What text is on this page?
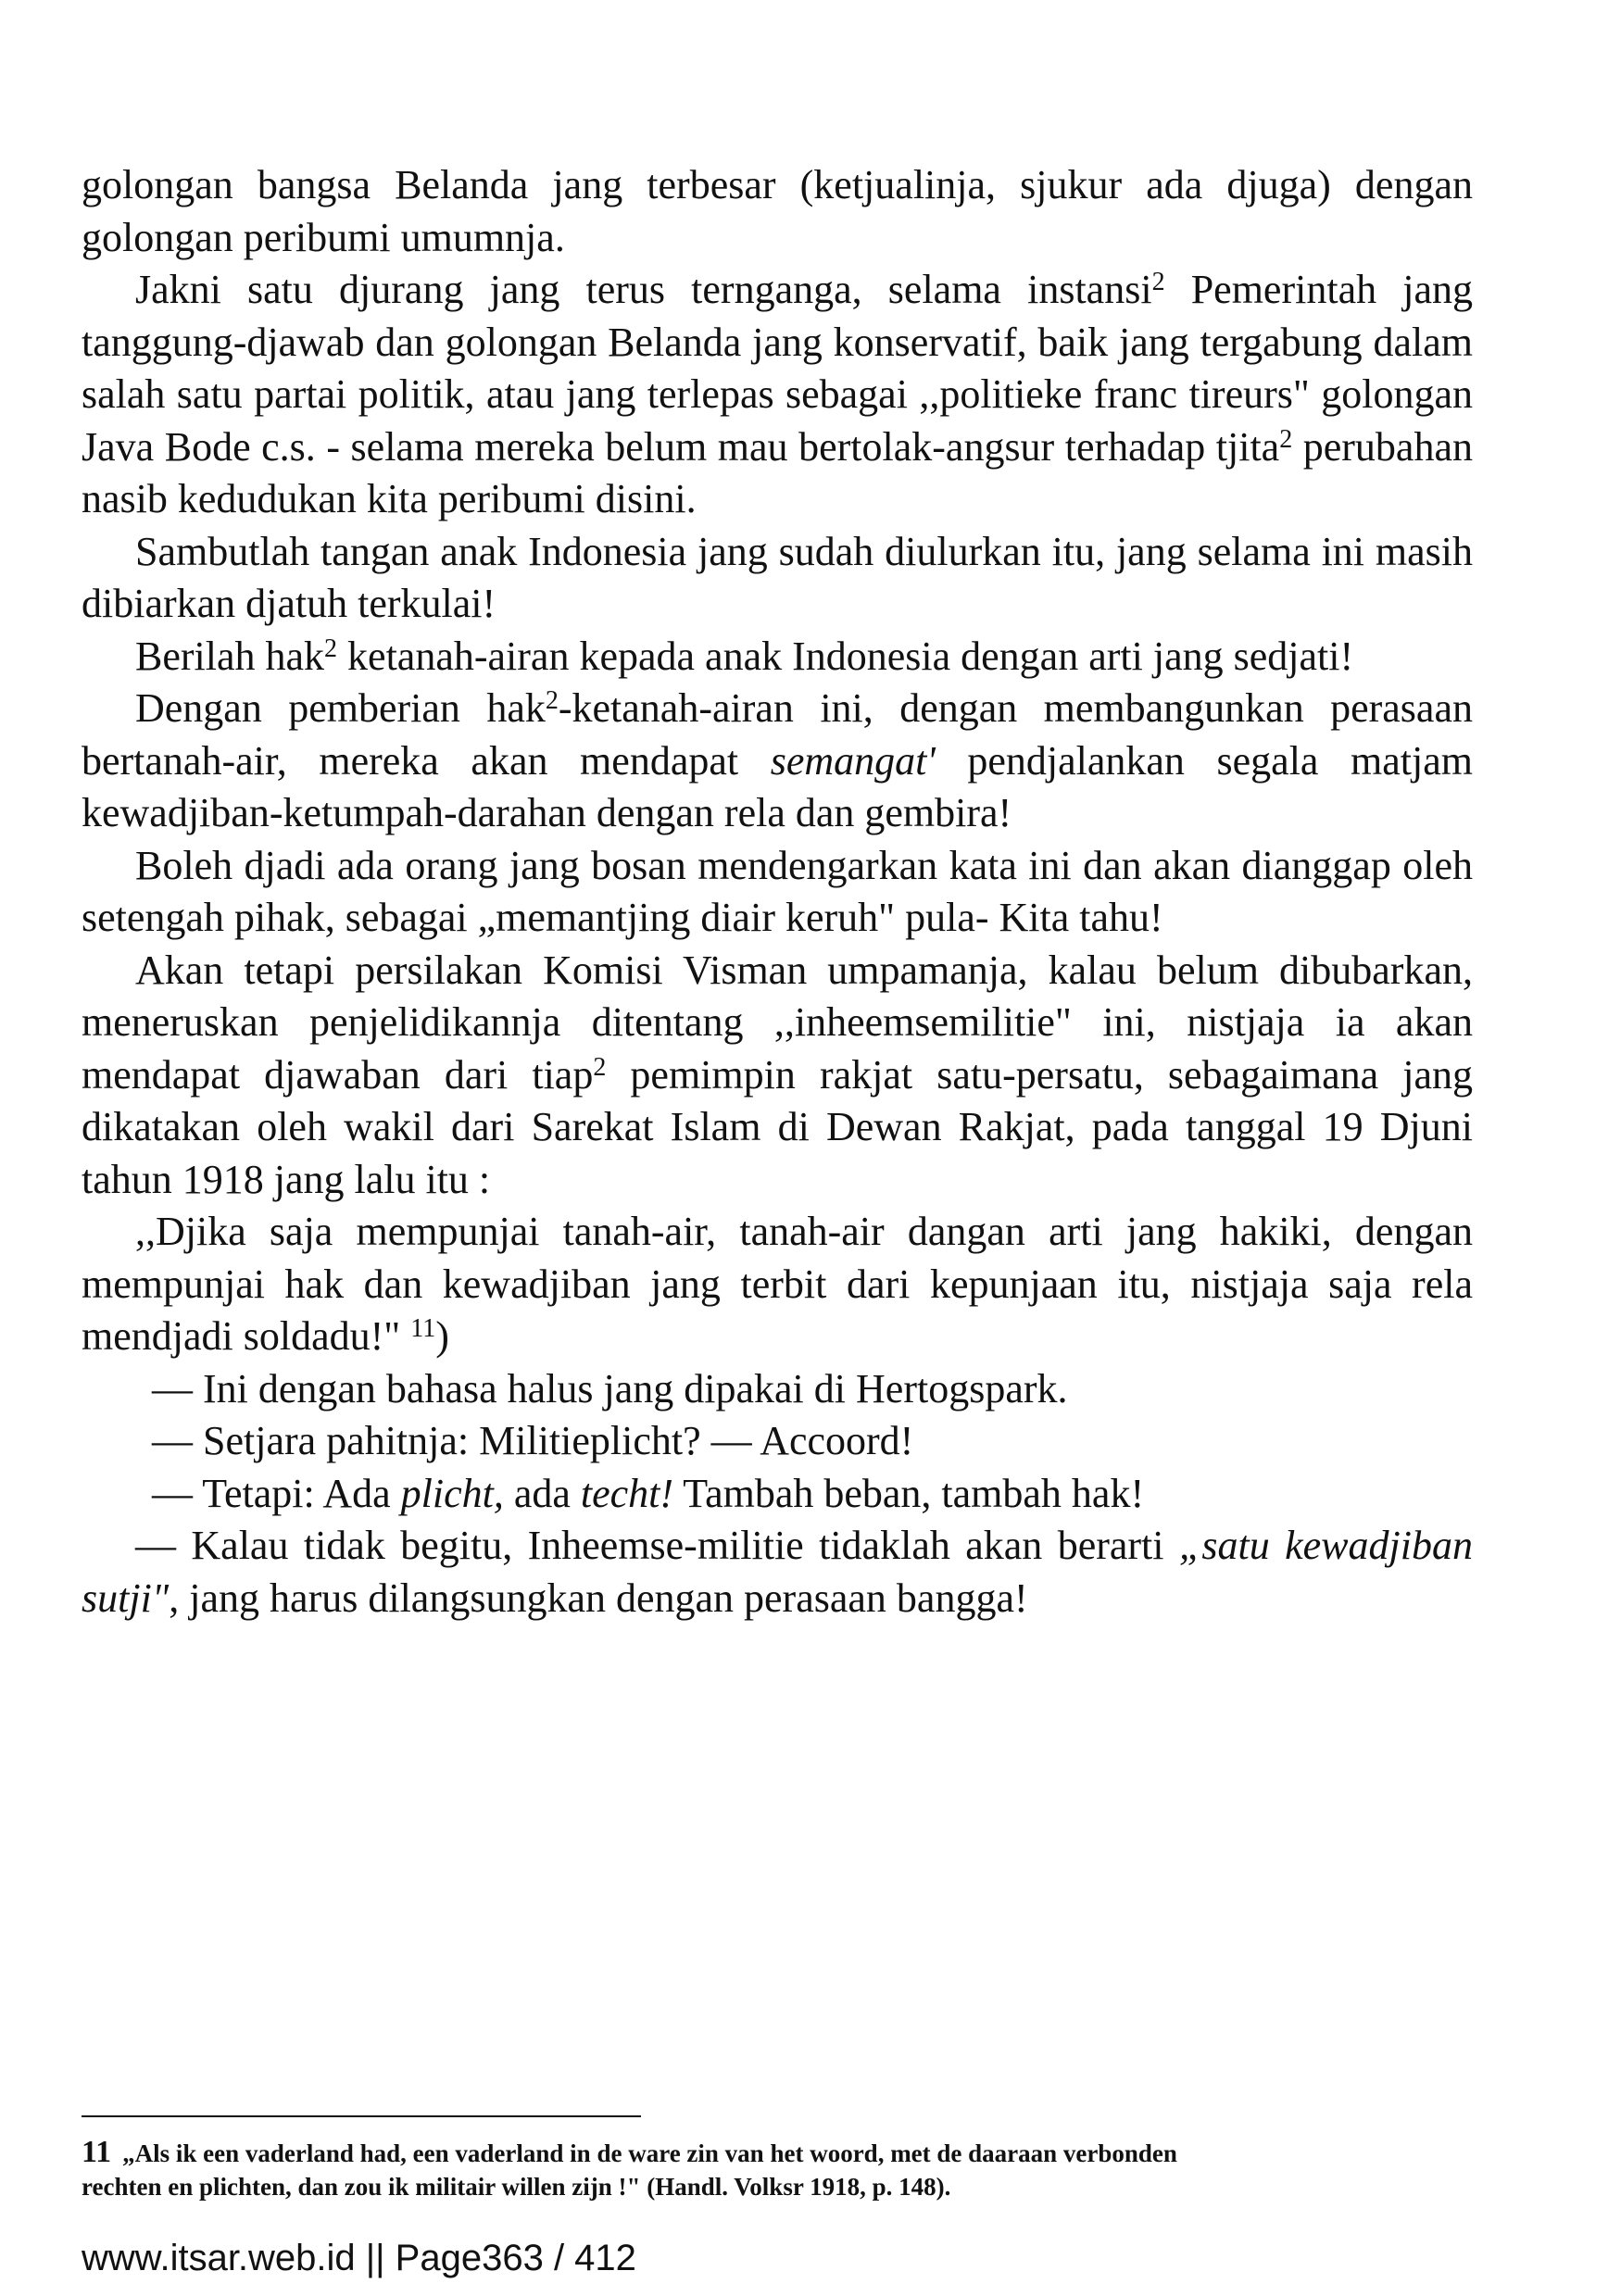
golongan bangsa Belanda jang terbesar (ketjualinja, sjukur ada djuga) dengan golongan peribumi umumnja.

Jakni satu djurang jang terus ternganga, selama instansi$^2$ Pemerintah jang tanggung-djawab dan golongan Belanda jang konservatif, baik jang tergabung dalam salah satu partai politik, atau jang terlepas sebagai ,,politieke franc tireurs" golongan Java Bode c.s. - selama mereka belum mau bertolak-angsur terhadap tjita$^2$ perubahan nasib kedudukan kita peribumi disini.

Sambutlah tangan anak Indonesia jang sudah diulurkan itu, jang selama ini masih dibiarkan djatuh terkulai!

Berilah hak$^2$ ketanah-airan kepada anak Indonesia dengan arti jang sedjati!

Dengan pemberian hak$^2$-ketanah-airan ini, dengan membangunkan perasaan bertanah-air, mereka akan mendapat semangat' pendjalankan segala matjam kewadjiban-ketumpah-darahan dengan rela dan gembira!

Boleh djadi ada orang jang bosan mendengarkan kata ini dan akan dianggap oleh setengah pihak, sebagai „memantjing diair keruh" pula- Kita tahu!

Akan tetapi persilakan Komisi Visman umpamanja, kalau belum dibubarkan, meneruskan penjelidikannja ditentang ,,inheemsemilitie" ini, nistjaja ia akan mendapat djawaban dari tiap$^2$ pemimpin rakjat satu-persatu, sebagaimana jang dikatakan oleh wakil dari Sarekat Islam di Dewan Rakjat, pada tanggal 19 Djuni tahun 1918 jang lalu itu :

,,Djika saja mempunjai tanah-air, tanah-air dangan arti jang hakiki, dengan mempunjai hak dan kewadjiban jang terbit dari kepunjaan itu, nistjaja saja rela mendjadi soldadu!" $^{11}$)

— Ini dengan bahasa halus jang dipakai di Hertogspark.

— Setjara pahitnja: Militieplicht? — Accoord!

— Tetapi: Ada plicht, ada techt! Tambah beban, tambah hak!

— Kalau tidak begitu, Inheemse-militie tidaklah akan berarti „satu kewadjiban sutji", jang harus dilangsungkan dengan perasaan bangga!

11 „Als ik een vaderland had, een vaderland in de ware zin van het woord, met de daaraan verbonden rechten en plichten, dan zou ik militair willen zijn !" (Handl. Volksr 1918, p. 148).
www.itsar.web.id || Page363 / 412
